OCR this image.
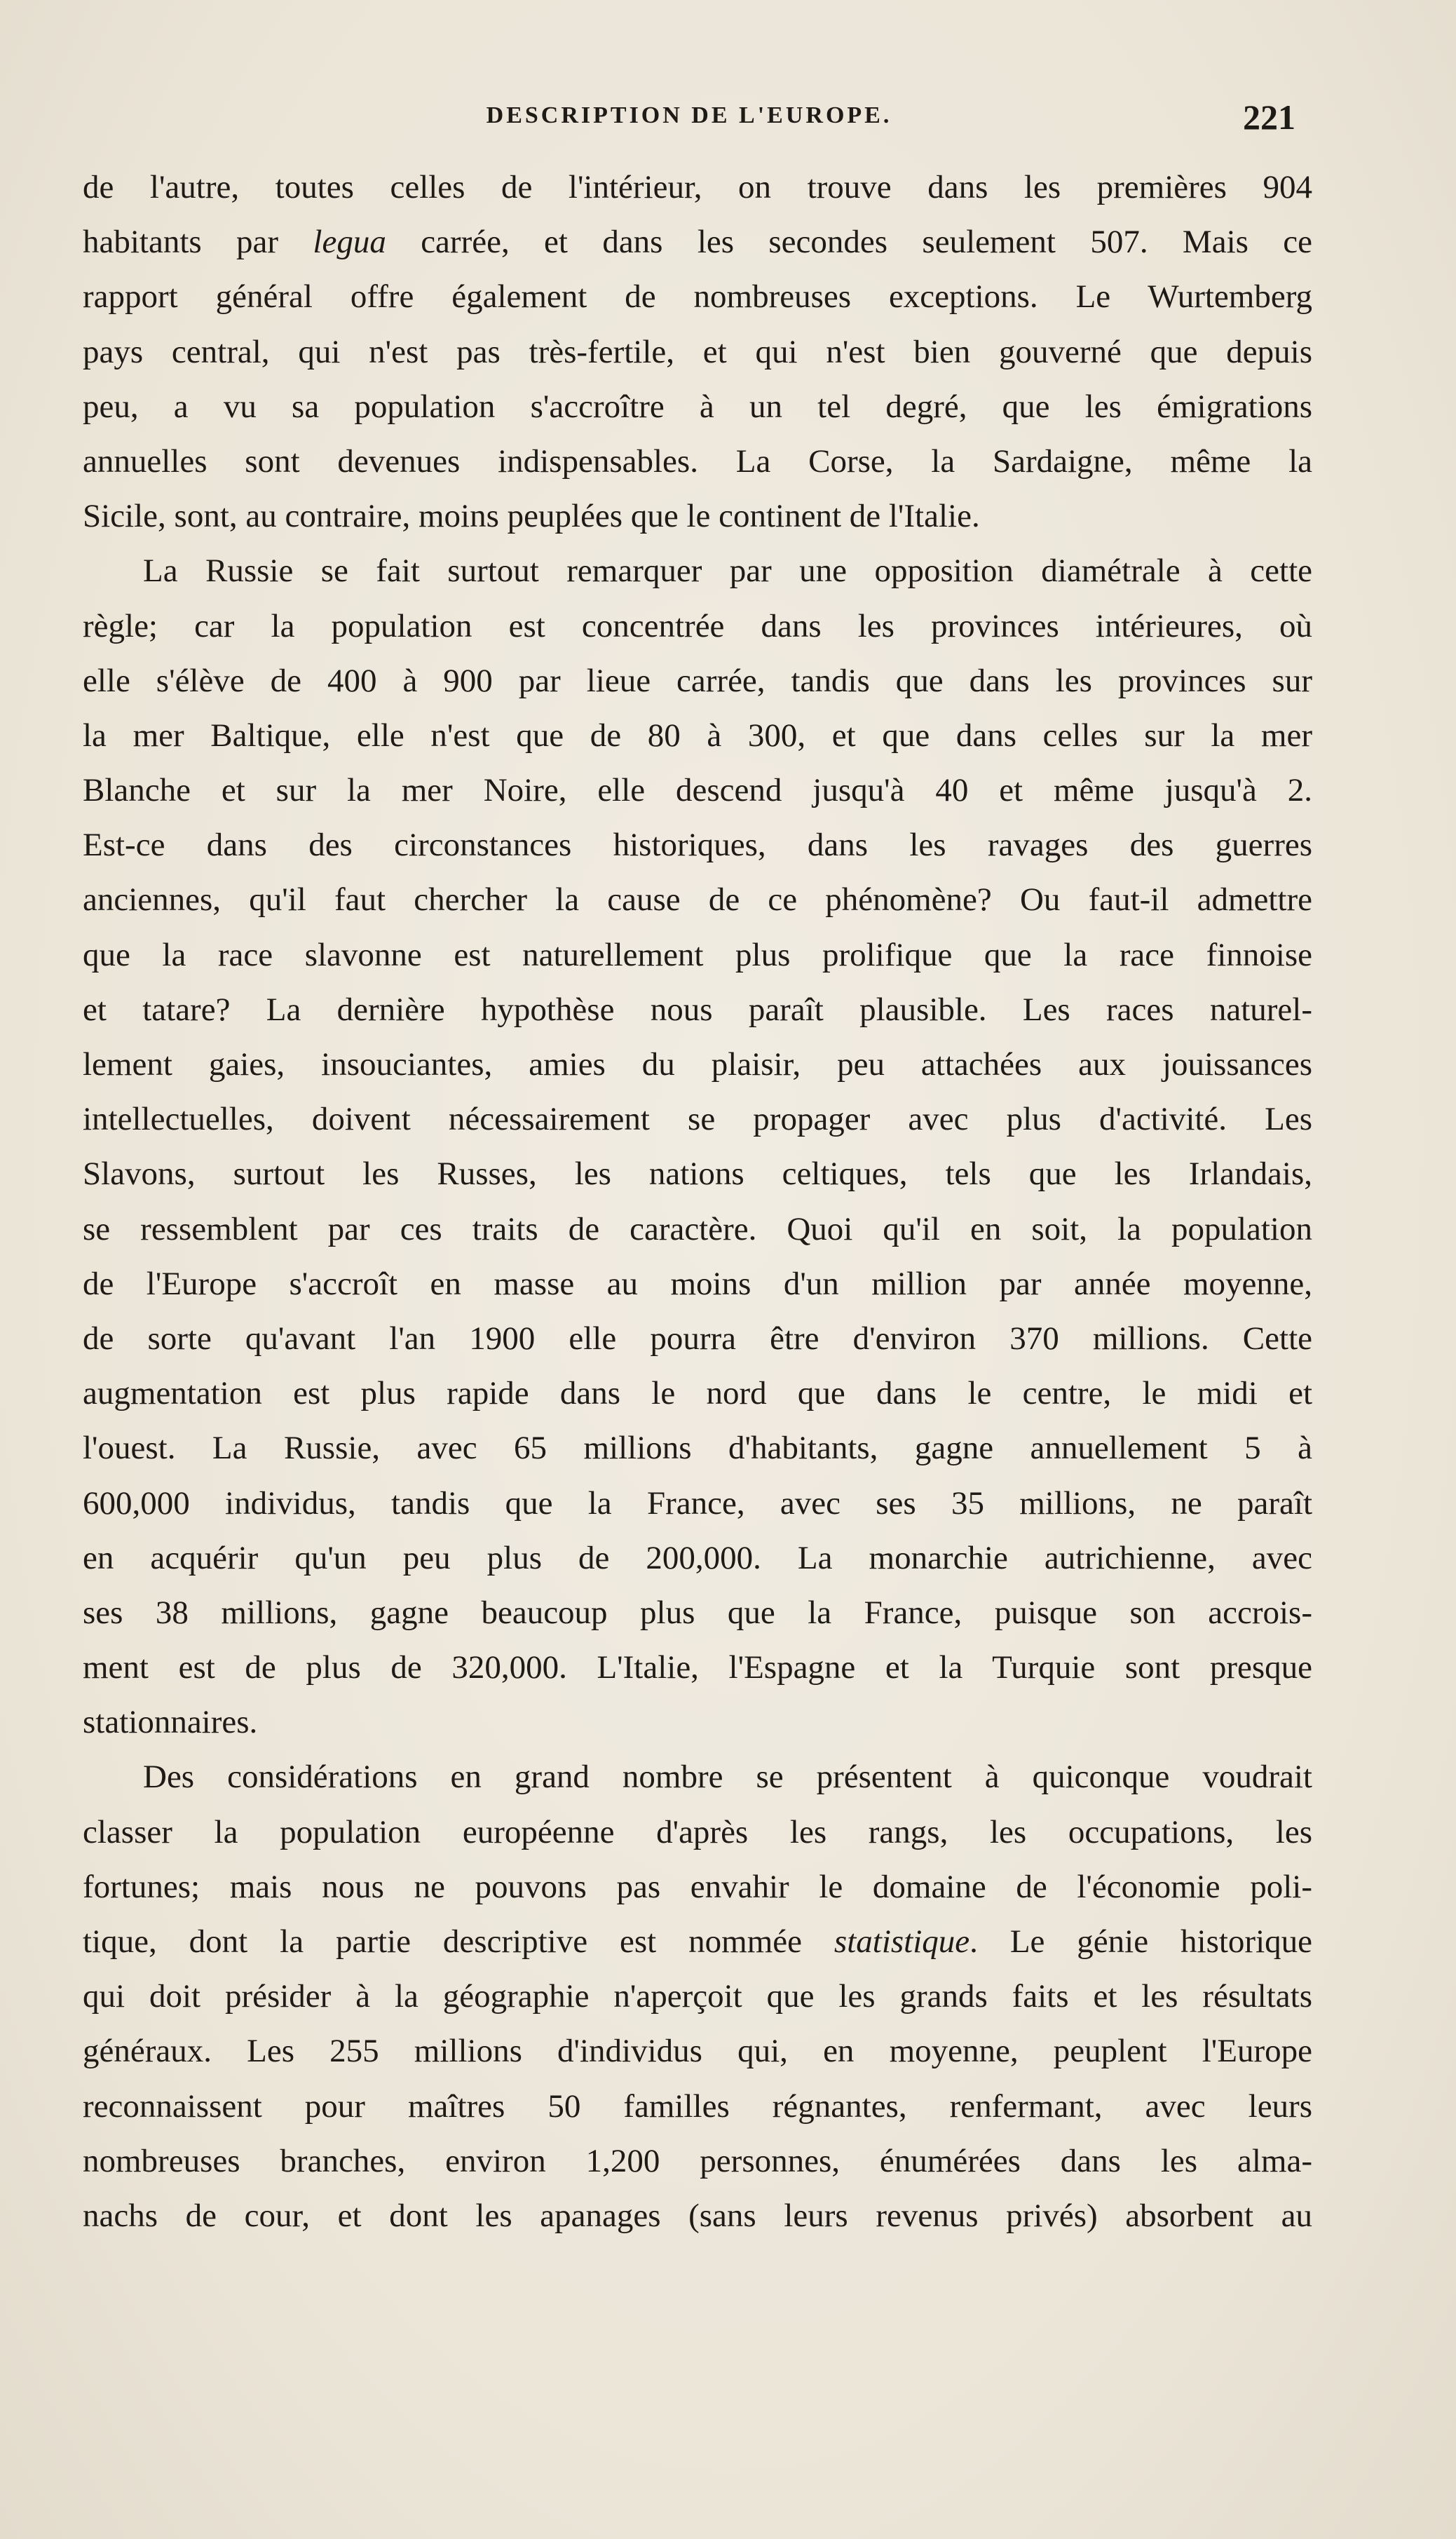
DESCRIPTION DE L'EUROPE.	221
de l'autre, toutes celles de l'intérieur, on trouve dans les premières 904
habitants par legua carrée, et dans les secondes seulement 507. Mais ce
rapport général offre également de nombreuses exceptions. Le Wurtemberg
pays central, qui n'est pas très-fertile, et qui n'est bien gouverné que depuis
peu, a vu sa population s'accroître à un tel degré, que les émigrations
annuelles sont devenues indispensables. La Corse, la Sardaigne, même la
Sicile, sont, au contraire, moins peuplées que le continent de l'Italie.
La Russie se fait surtout remarquer par une opposition diamétrale à cette
règle; car la population est concentrée dans les provinces intérieures, où
elle s'élève de 400 à 900 par lieue carrée, tandis que dans les provinces sur
la mer Baltique, elle n'est que de 80 à 300, et que dans celles sur la mer
Blanche et sur la mer Noire, elle descend jusqu'à 40 et même jusqu'à 2.
Est-ce dans des circonstances historiques, dans les ravages des guerres
anciennes, qu'il faut chercher la cause de ce phénomène? Ou faut-il admettre
que la race slavonne est naturellement plus prolifique que la race finnoise
et tatare? La dernière hypothèse nous paraît plausible. Les races naturel-
lement gaies, insouciantes, amies du plaisir, peu attachées aux jouissances
intellectuelles, doivent nécessairement se propager avec plus d'activité. Les
Slavons, surtout les Russes, les nations celtiques, tels que les Irlandais,
se ressemblent par ces traits de caractère. Quoi qu'il en soit, la population
de l'Europe s'accroît en masse au moins d'un million par année moyenne,
de sorte qu'avant l'an 1900 elle pourra être d'environ 370 millions. Cette
augmentation est plus rapide dans le nord que dans le centre, le midi et
l'ouest. La Russie, avec 65 millions d'habitants, gagne annuellement 5 à
600,000 individus, tandis que la France, avec ses 35 millions, ne paraît
en acquérir qu'un peu plus de 200,000. La monarchie autrichienne, avec
ses 38 millions, gagne beaucoup plus que la France, puisque son accrois-
ment est de plus de 320,000. L'Italie, l'Espagne et la Turquie sont presque
stationnaires.
Des considérations en grand nombre se présentent à quiconque voudrait
classer la population européenne d'après les rangs, les occupations, les
fortunes; mais nous ne pouvons pas envahir le domaine de l'économie poli-
tique, dont la partie descriptive est nommée statistique. Le génie historique
qui doit présider à la géographie n'aperçoit que les grands faits et les résultats
généraux. Les 255 millions d'individus qui, en moyenne, peuplent l'Europe
reconnaissent pour maîtres 50 familles régnantes, renfermant, avec leurs
nombreuses branches, environ 1,200 personnes, énumérées dans les alma-
nachs de cour, et dont les apanages (sans leurs revenus privés) absorbent au
